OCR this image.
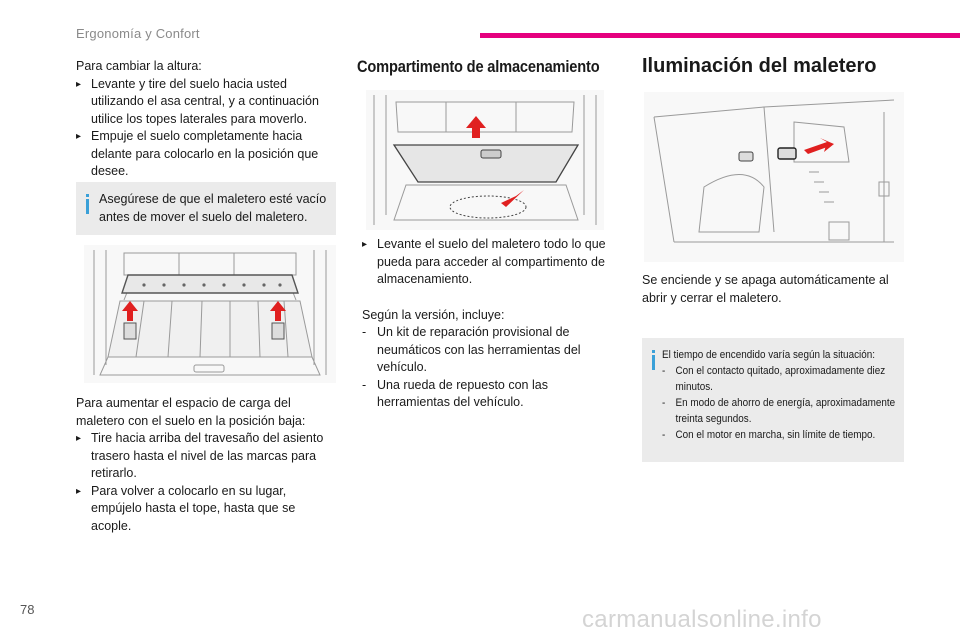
Ergonomía y Confort

Para cambiar la altura:

▸ Levante y tire del suelo hacia usted utilizando el asa central, y a continuación utilice los topes laterales para moverlo.
▸ Empuje el suelo completamente hacia delante para colocarlo en la posición que desee.
Asegúrese de que el maletero esté vacío antes de mover el suelo del maletero.

Para aumentar el espacio de carga del maletero con el suelo en la posición baja:

▸ Tire hacia arriba del travesaño del asiento trasero hasta el nivel de las marcas para retirarlo.
▸ Para volver a colocarlo en su lugar, empújelo hasta el tope, hasta que se acople.
Compartimento de almacenamiento
▸ Levante el suelo del maletero todo lo que pueda para acceder al compartimento de almacenamiento.

Según la versión, incluye:

- Un kit de reparación provisional de neumáticos con las herramientas del vehículo.
- Una rueda de repuesto con las herramientas del vehículo.
Iluminación del maletero
Se enciende y se apaga automáticamente al abrir y cerrar el maletero.
El tiempo de encendido varía según la situación:
- Con el contacto quitado, aproximadamente diez minutos.
- En modo de ahorro de energía, aproximadamente treinta segundos.
- Con el motor en marcha, sin límite de tiempo.
78	carmanualsonline.info
